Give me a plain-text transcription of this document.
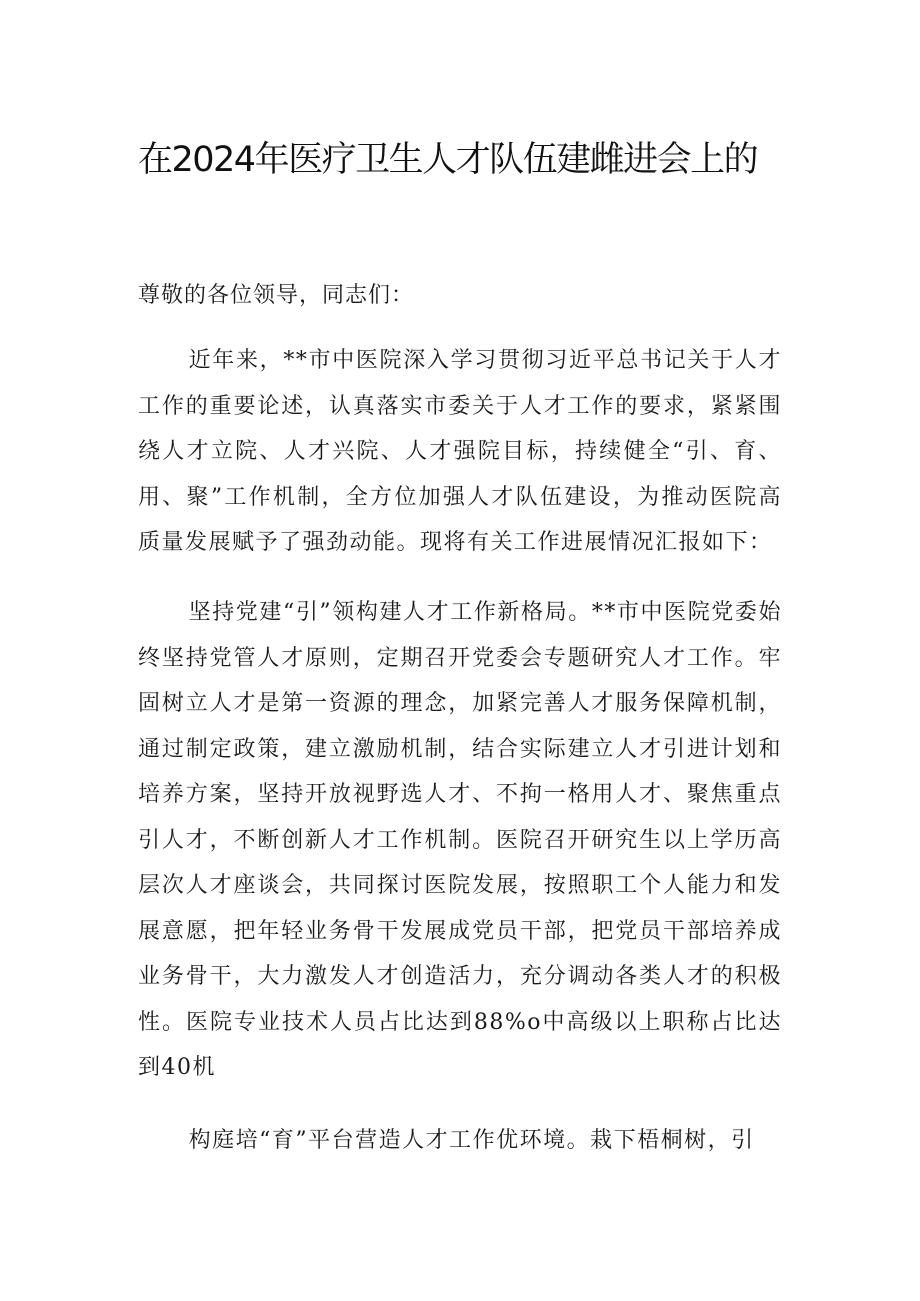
在2024年医疗卫生人才队伍建雌进会上的
尊敬的各位领导，同志们：

近年来，**市中医院深入学习贯彻习近平总书记关于人才工作的重要论述，认真落实市委关于人才工作的要求，紧紧围绕人才立院、人才兴院、人才强院目标，持续健全“引、育、用、聚”工作机制，全方位加强人才队伍建设，为推动医院高质量发展赋予了强劲动能。现将有关工作进展情况汇报如下：

坚持党建“引”领构建人才工作新格局。**市中医院党委始终坚持党管人才原则，定期召开党委会专题研究人才工作。牢固树立人才是第一资源的理念，加紧完善人才服务保障机制，通过制定政策，建立激励机制，结合实际建立人才引进计划和培养方案，坚持开放视野选人才、不拘一格用人才、聚焦重点引人才，不断创新人才工作机制。医院召开研究生以上学历高层次人才座谈会，共同探讨医院发展，按照职工个人能力和发展意愿，把年轻业务骨干发展成党员干部，把党员干部培养成业务骨干，大力激发人才创造活力，充分调动各类人才的积极性。医院专业技术人员占比达到88%o中高级以上职称占比达到40机

构庭培“育”平台营造人才工作优环境。栽下梧桐树，引
